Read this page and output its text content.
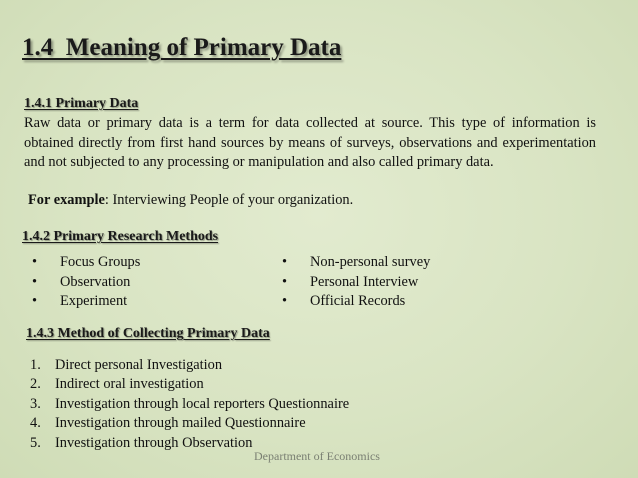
1.4  Meaning of Primary Data
1.4.1 Primary Data

Raw data or primary data is a term for data collected at source. This type of information is obtained directly from first hand sources by means of surveys, observations and experimentation and not subjected to any processing or manipulation and also called primary data.

For example: Interviewing People of your organization.

1.4.2 Primary Research Methods
• Focus Groups
• Observation
• Experiment
• Non-personal survey
• Personal Interview
• Official Records
1.4.3 Method of Collecting Primary Data
1. Direct personal Investigation
2. Indirect oral investigation
3. Investigation through local reporters Questionnaire
4. Investigation through mailed Questionnaire
5. Investigation through Observation

Department of Economics
